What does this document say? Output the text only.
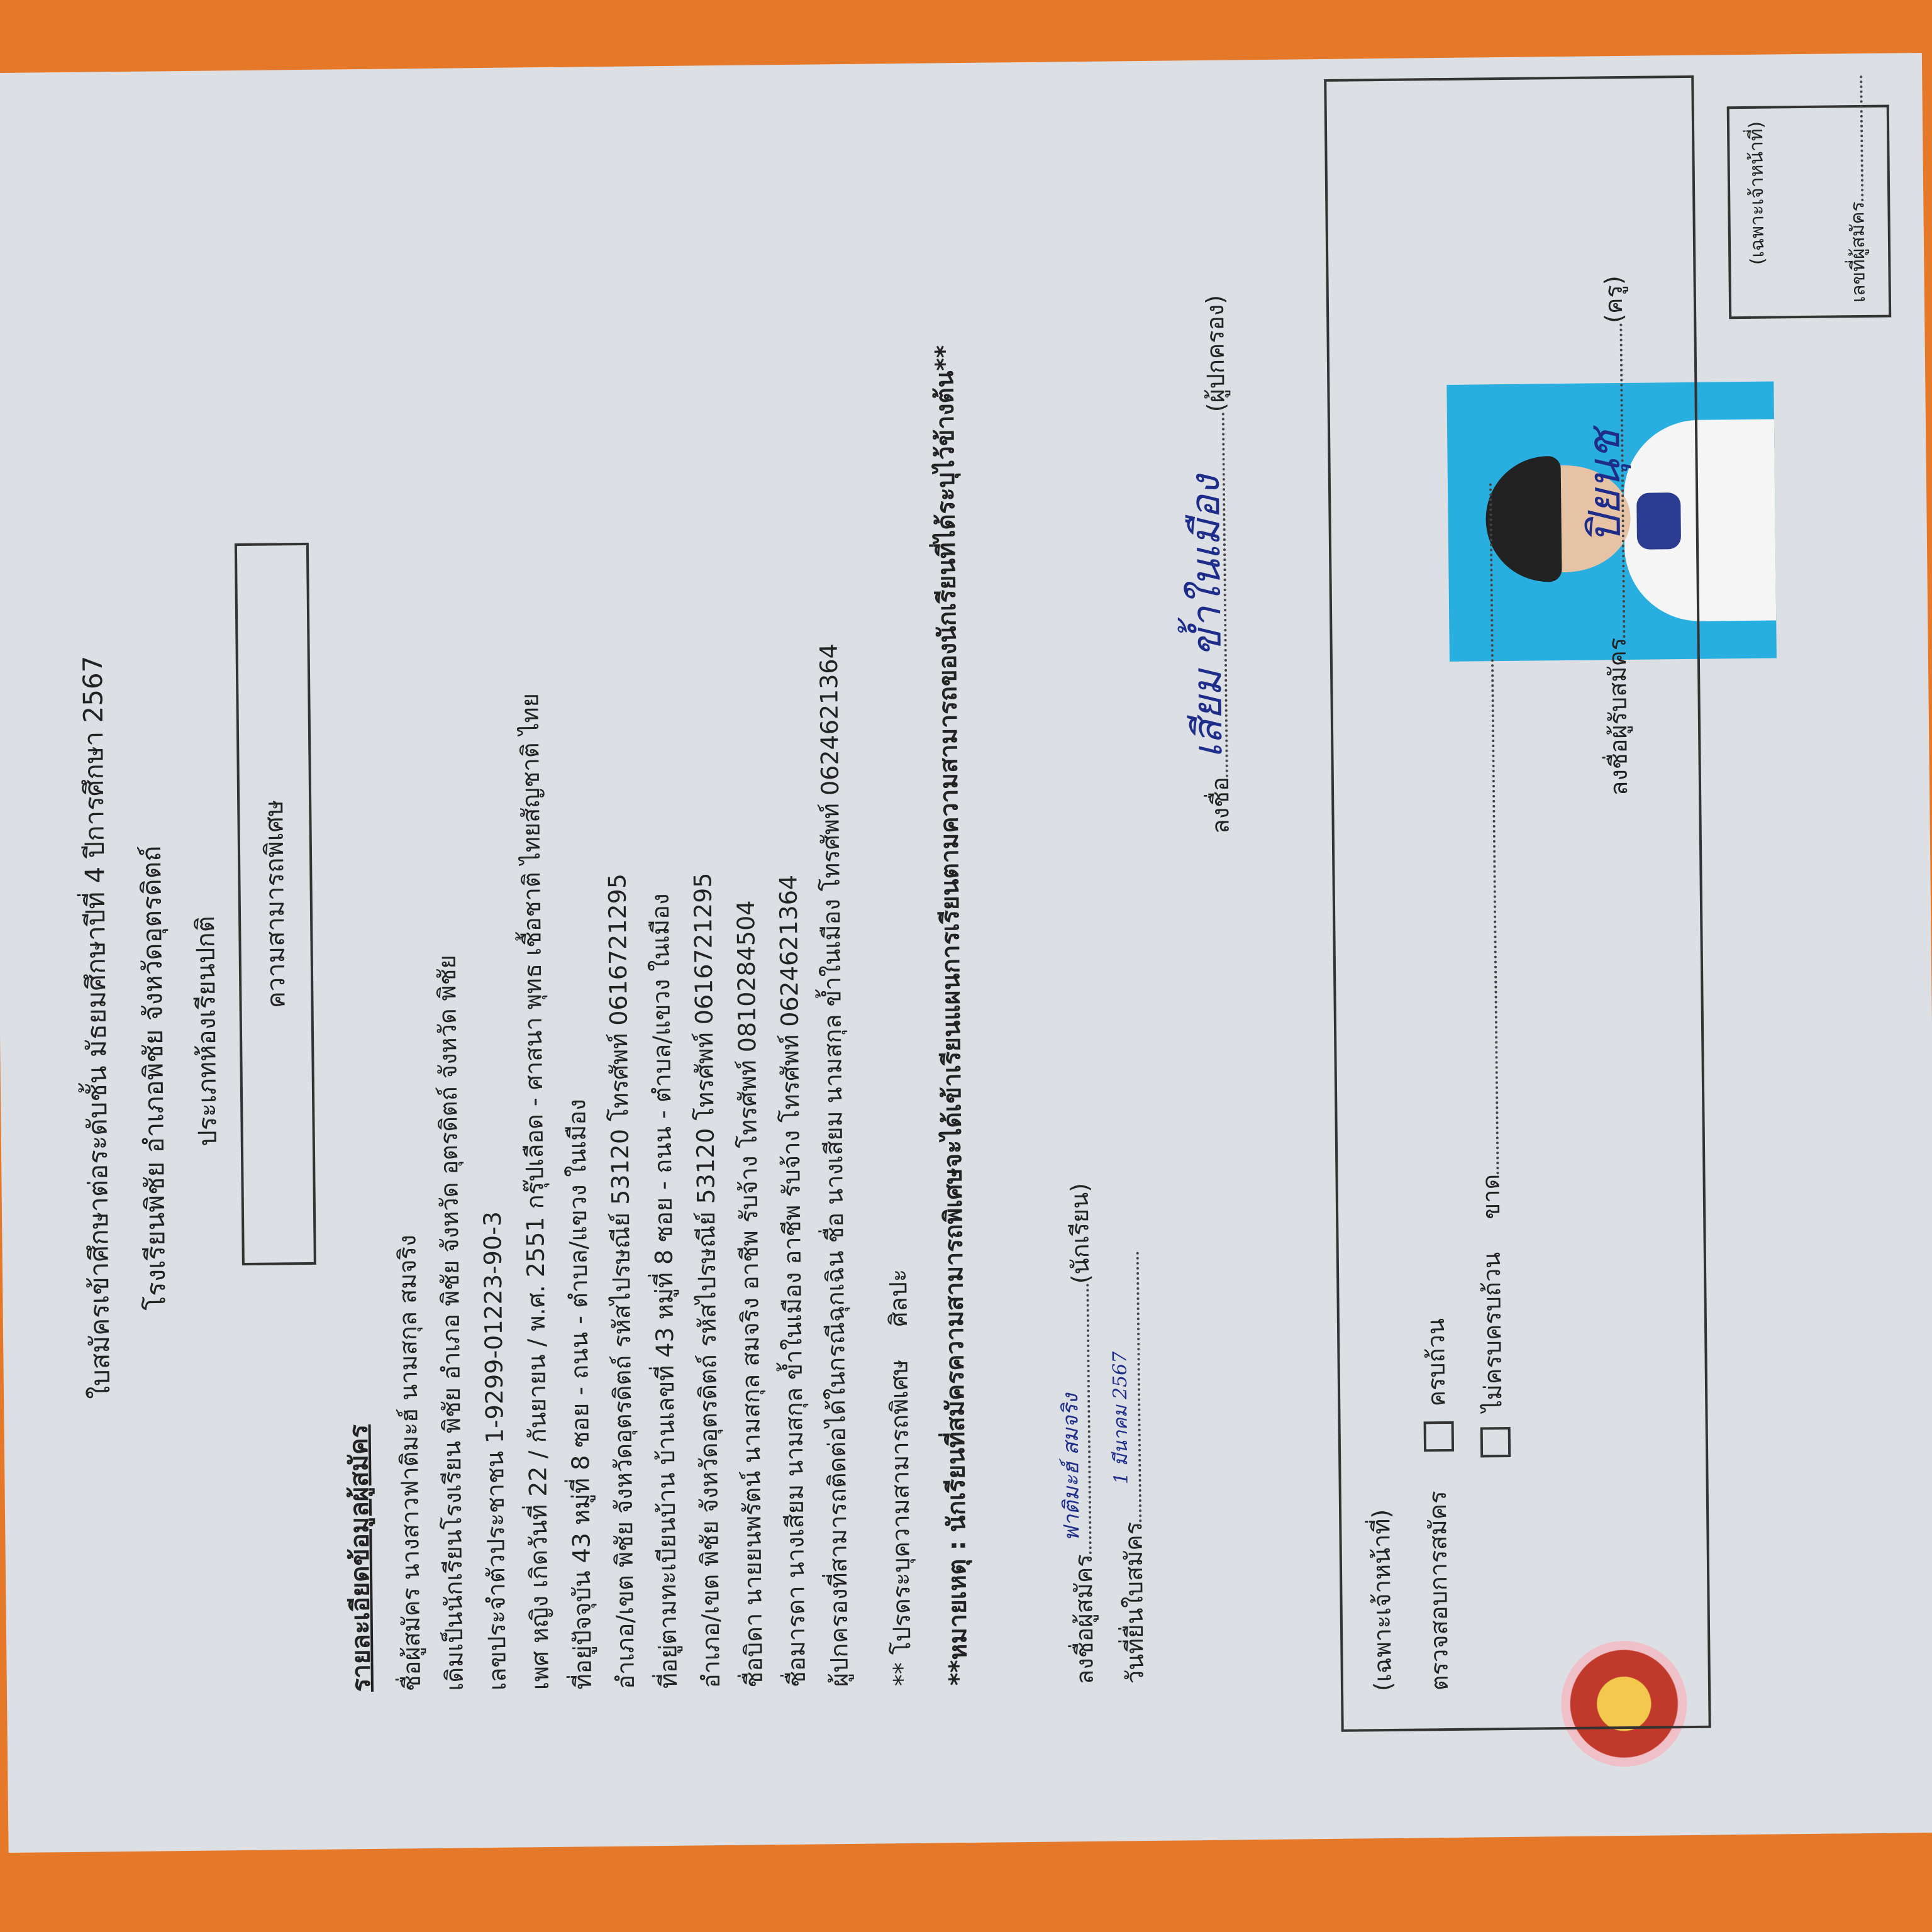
(เฉพาะเจ้าหน้าที่)	เลขที่ผู้สมัคร
ใบสมัครเข้าศึกษาต่อระดับชั้น มัธยมศึกษาปีที่ 4 ปีการศึกษา 2567 โรงเรียนพิชัย อำเภอพิชัย จังหวัดอุตรดิตถ์ ประเภทห้องเรียนปกติ
ความสามารถพิเศษ
รายละเอียดข้อมูลผู้สมัคร ชื่อผู้สมัคร นางสาวฟาติมะฮ์ นามสกุล สมจริง เดิมเป็นนักเรียนโรงเรียน พิชัย อำเภอ พิชัย จังหวัด อุตรดิตถ์ จังหวัด พิชัย เลขประจำตัวประชาชน 1-9299-01223-90-3 เพศ หญิง เกิดวันที่ 22 / กันยายน / พ.ศ. 2551 กรุ๊ปเลือด - ศาสนา พุทธ เชื้อชาติ ไทยสัญชาติ ไทย ที่อยู่ปัจจุบัน 43 หมู่ที่ 8 ซอย - ถนน - ตำบล/แขวง ในเมือง อำเภอ/เขต พิชัย จังหวัดอุตรดิตถ์ รหัสไปรษณีย์ 53120 โทรศัพท์ 0616721295 ที่อยู่ตามทะเบียนบ้าน บ้านเลขที่ 43 หมู่ที่ 8 ซอย - ถนน - ตำบล/แขวง ในเมือง อำเภอ/เขต พิชัย จังหวัดอุตรดิตถ์ รหัสไปรษณีย์ 53120 โทรศัพท์ 0616721295 ชื่อบิดา นายยนพรัตน์ นามสกุล สมจริง อาชีพ รับจ้าง โทรศัพท์ 0810284504 ชื่อมารดา นางเสียม นามสกุล ข้ำในเมือง อาชีพ รับจ้าง โทรศัพท์ 0624621364 ผู้ปกครองที่สามารถติดต่อได้ในกรณีฉุกเฉิน ชื่อ นางเสียม นามสกุล ข้ำในเมือง โทรศัพท์ 0624621364 ** โปรดระบุความสามารถพิเศษ ศิลปะ **หมายเหตุ : นักเรียนที่สมัครความสามารถพิเศษจะได้เข้าเรียนแผนการเรียนตามความสามารถของนักเรียนที่ได้ระบุไว้ข้างต้น**	ลงชื่อผู้สมัคร
ฟาติมะฮ์ สมจริง
(นักเรียน)
วันที่ยื่นใบสมัคร
1 มีนาคม 2567
ลงชื่อ
เสียม ข้ำในเมือง
(ผู้ปกครอง)
(เฉพาะเจ้าหน้าที่) ตรวจสอบการสมัคร ครบถ้วน	ไม่ครบครบถ้วน ขาด
ลงชื่อผู้รับสมัคร
ปิยนุช
(ครู)
